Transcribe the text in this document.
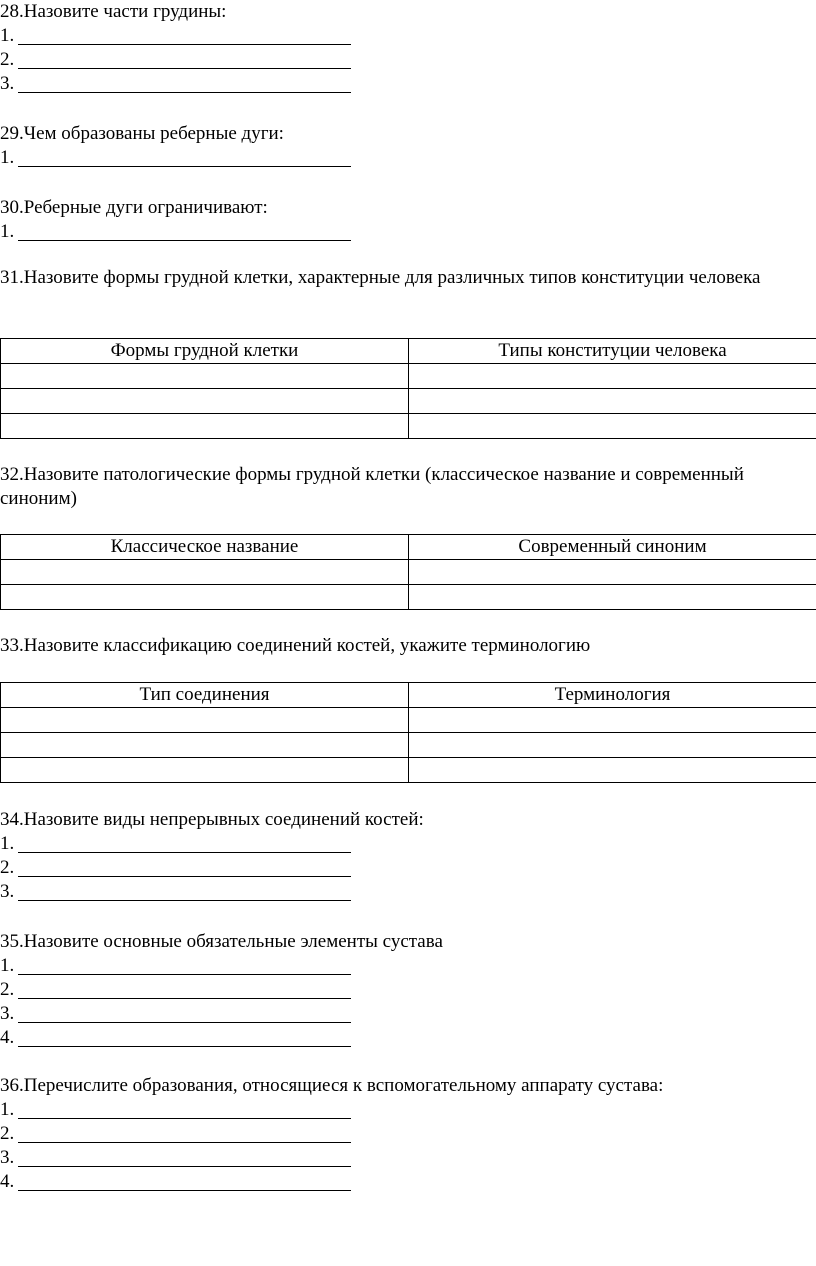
28.Назовите части грудины:
1.
2.
3.
29.Чем образованы реберные дуги:
1.
30.Реберные дуги ограничивают:
1.
31.Назовите формы грудной клетки, характерные для различных типов конституции человека
Формы грудной клетки	Типы конституции человека

32.Назовите патологические формы грудной клетки (классическое название и современный синоним)
Классическое название	Современный синоним

33.Назовите классификацию соединений костей, укажите терминологию
Тип соединения	Терминология

34.Назовите виды непрерывных соединений костей:
1.
2.
3.
35.Назовите основные обязательные элементы сустава
1.
2.
3.
4.
36.Перечислите образования, относящиеся к вспомогательному аппарату сустава:
1.
2.
3.
4.
